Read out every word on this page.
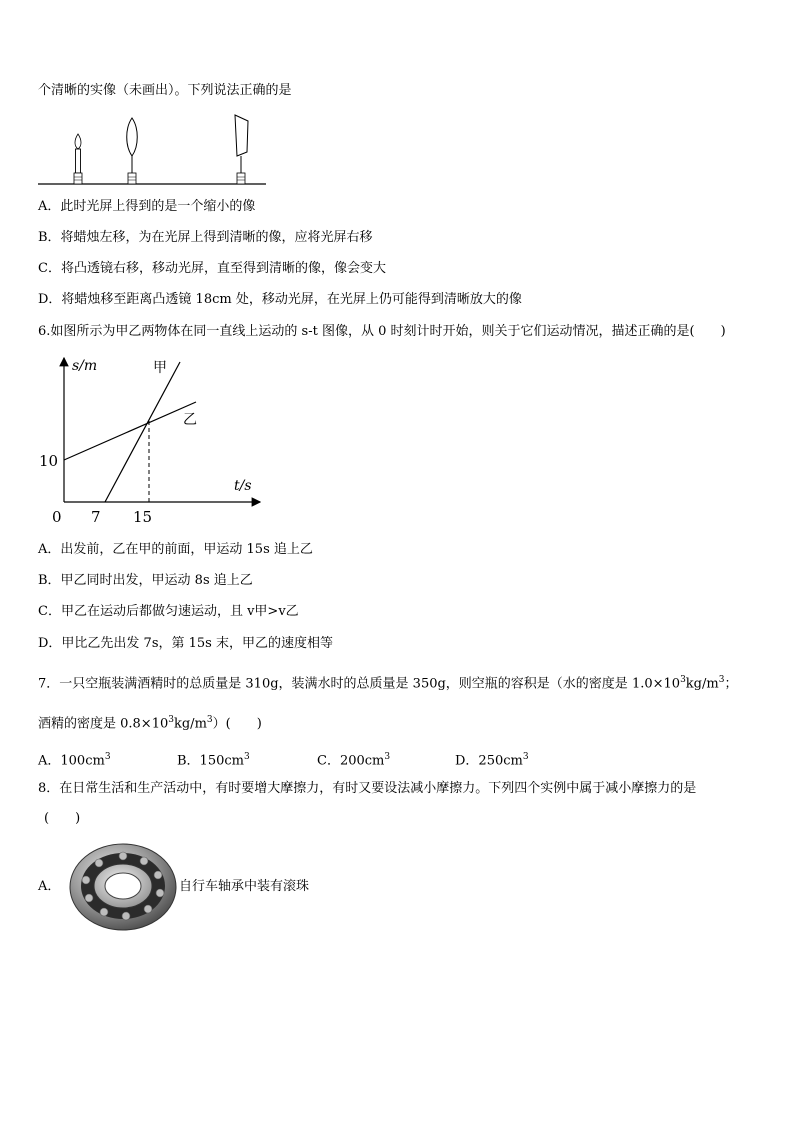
个清晰的实像（未画出）。下列说法正确的是
A．此时光屏上得到的是一个缩小的像
B．将蜡烛左移，为在光屏上得到清晰的像，应将光屏右移
C．将凸透镜右移，移动光屏，直至得到清晰的像，像会变大
D．将蜡烛移至距离凸透镜 18cm 处，移动光屏，在光屏上仍可能得到清晰放大的像
6.如图所示为甲乙两物体在同一直线上运动的 s-t 图像，从 0 时刻计时开始，则关于它们运动情况，描述正确的是(　　)
s/m
t/s
0
10
7 15
甲
乙
A．出发前，乙在甲的前面，甲运动 15s 追上乙
B．甲乙同时出发，甲运动 8s 追上乙
C．甲乙在运动后都做匀速运动，且 v甲>v乙
D．甲比乙先出发 7s，第 15s 末，甲乙的速度相等
7．一只空瓶装满酒精时的总质量是 310g，装满水时的总质量是 350g，则空瓶的容积是（水的密度是 $1.0\times 10^3kg/m^3$；
酒精的密度是 $0.8\times 10^3kg/m^3$）(　　)
A．$100cm^3$	B．$150cm^3$	C．$200cm^3$	D．$250cm^3$
8．在日常生活和生产活动中，有时要增大摩擦力，有时又要设法减小摩擦力。下列四个实例中属于减小摩擦力的是
(　　)
A．	自行车轴承中装有滚珠
